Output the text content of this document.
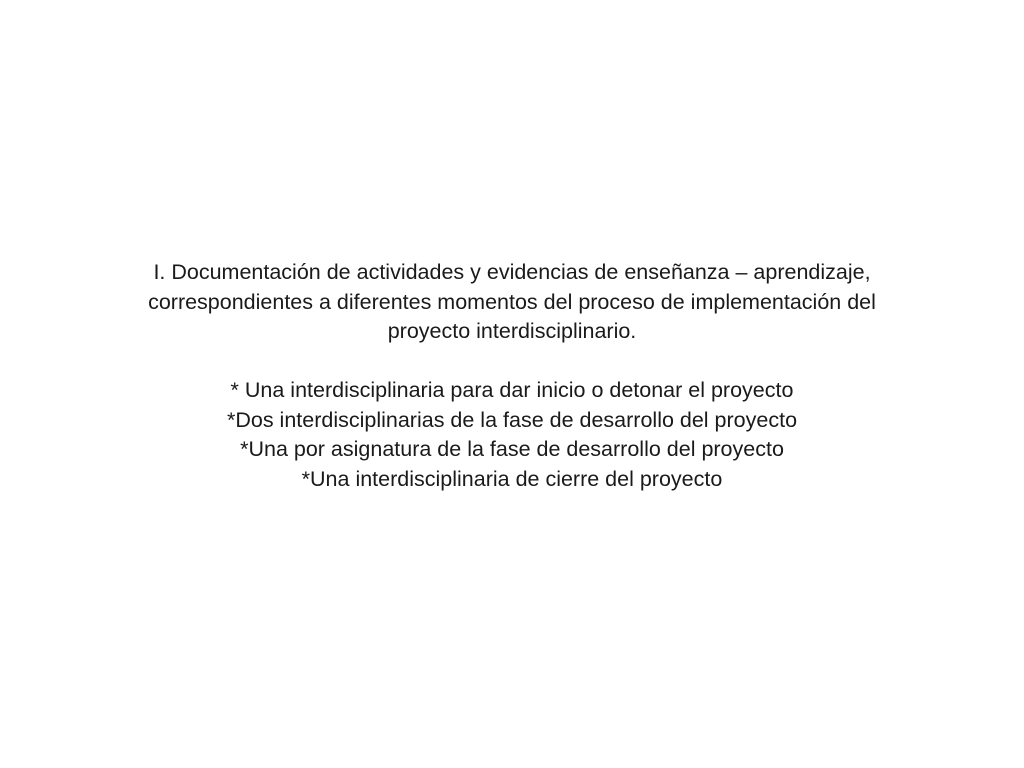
I. Documentación de actividades y evidencias de enseñanza – aprendizaje,
correspondientes a diferentes momentos del proceso de implementación del
proyecto interdisciplinario.
* Una interdisciplinaria para dar inicio o detonar el proyecto
*Dos interdisciplinarias de la fase de desarrollo del proyecto
*Una por asignatura de la fase de desarrollo del proyecto
*Una interdisciplinaria de cierre del proyecto
